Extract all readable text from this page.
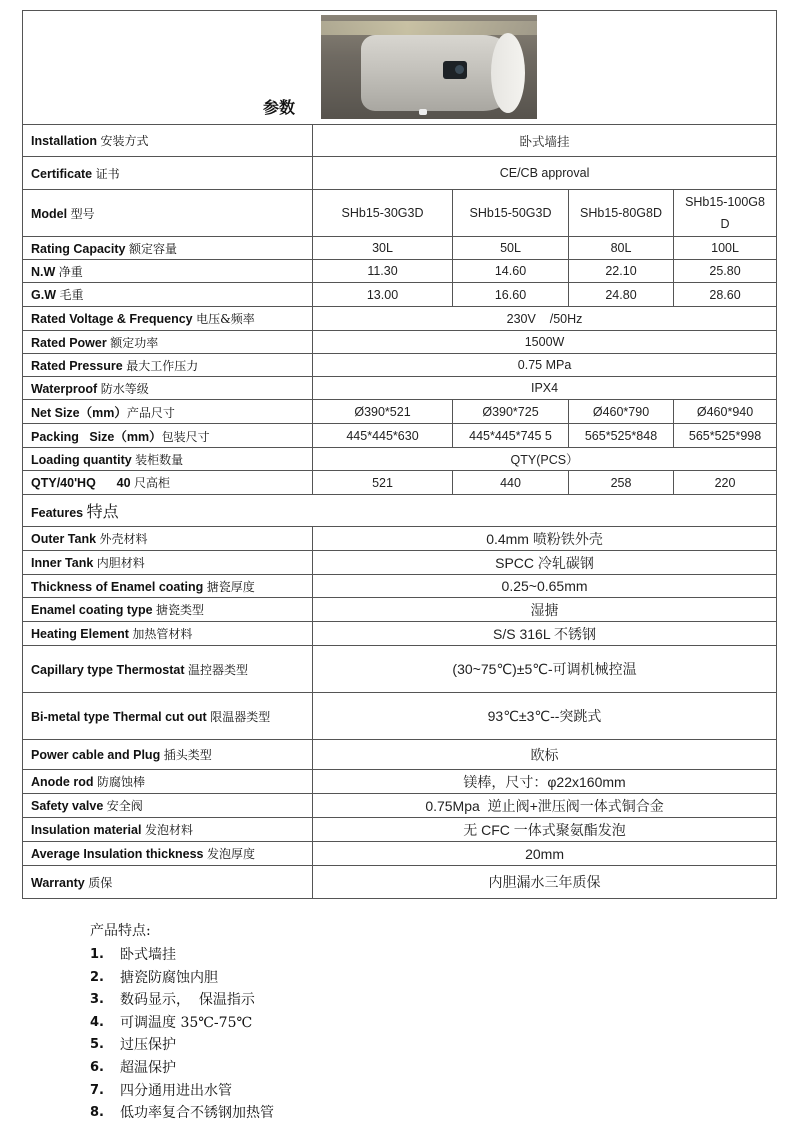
参数				

Installation 安装方式	卧式墙挂			
Certificate 证书	CE/CB approval			
Model 型号	SHb15-30G3D	SHb15-50G3D	SHb15-80G8D	SHb15-100G8 D
Rating Capacity 额定容量	30L	50L	80L	100L
N.W 净重	11.30	14.60	22.10	25.80
G.W 毛重	13.00	16.60	24.80	28.60
Rated Voltage & Frequency 电压&频率	230V    /50Hz			
Rated Power 额定功率	1500W			
Rated Pressure 最大工作压力	0.75 MPa			
Waterproof 防水等级	IPX4			
Net Size（mm）产品尺寸	Ø390*521	Ø390*725	Ø460*790	Ø460*940
Packing   Size（mm）包装尺寸	445*445*630	445*445*745 5	565*525*848	565*525*998
Loading quantity 装柜数量	QTY(PCS）			
QTY/40'HQ      40 尺高柜	521	440	258	220
Features 特点				
Outer Tank 外壳材料	0.4mm 喷粉铁外壳			
Inner Tank 内胆材料	SPCC 冷轧碳钢			
Thickness of Enamel coating 搪瓷厚度	0.25~0.65mm			
Enamel coating type 搪瓷类型	湿搪			
Heating Element 加热管材料	S/S 316L 不锈钢			
Capillary type Thermostat 温控器类型	(30~75℃)±5℃-可调机械控温			
Bi-metal type Thermal cut out 限温器类型	93℃±3℃--突跳式			
Power cable and Plug 插头类型	欧标			
Anode rod 防腐蚀棒	镁棒，尺寸：φ22x160mm			
Safety valve 安全阀	0.75Mpa  逆止阀+泄压阀一体式铜合金			
Insulation material 发泡材料	无 CFC 一体式聚氨酯发泡			
Average Insulation thickness 发泡厚度	20mm			
Warranty 质保	内胆漏水三年质保			
产品特点:
1.	卧式墙挂
2.	搪瓷防腐蚀内胆
3.	数码显示，  保温指示
4.	可调温度 35℃-75℃
5.	过压保护
6.	超温保护
7.	四分通用进出水管
8.	低功率复合不锈钢加热管
